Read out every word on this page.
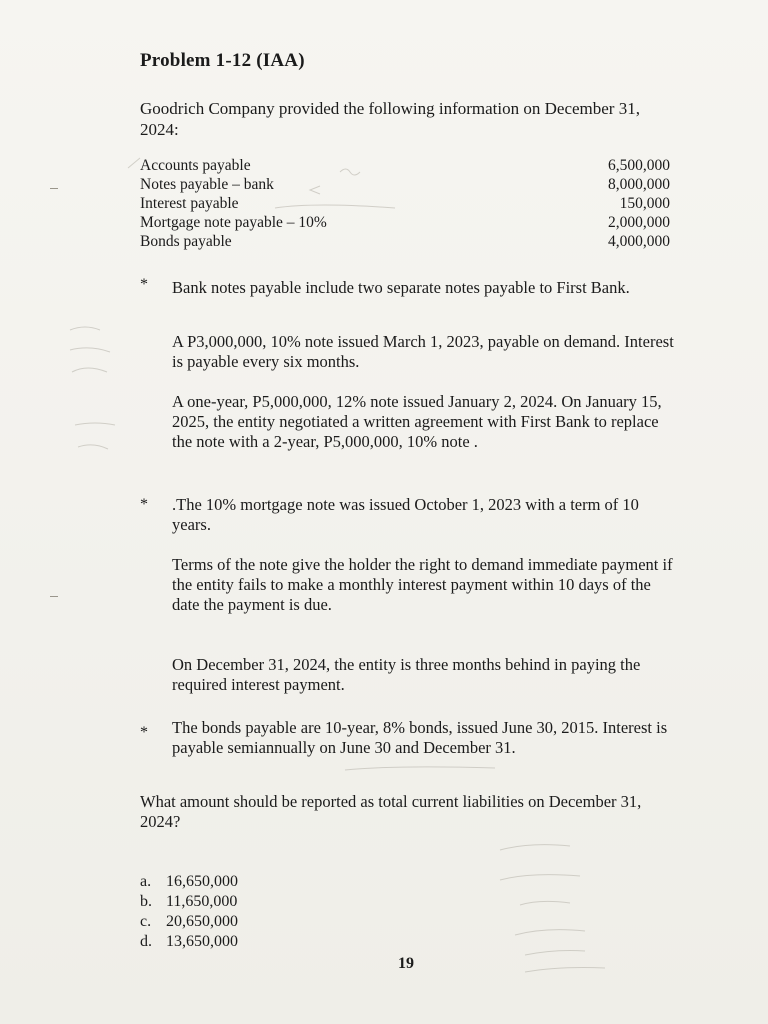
Problem 1-12 (IAA)
Goodrich Company provided the following information on December 31, 2024:
Accounts payable	6,500,000
Notes payable – bank	8,000,000
Interest payable	150,000
Mortgage note payable – 10%	2,000,000
Bonds payable	4,000,000
* Bank notes payable include two separate notes payable to First Bank.
A P3,000,000, 10% note issued March 1, 2023, payable on demand. Interest is payable every six months.
A one-year, P5,000,000, 12% note issued January 2, 2024. On January 15, 2025, the entity negotiated a written agreement with First Bank to replace the note with a 2-year, P5,000,000, 10% note .
* .The 10% mortgage note was issued October 1, 2023 with a term of 10 years.
Terms of the note give the holder the right to demand immediate payment if the entity fails to make a monthly interest payment within 10 days of the date the payment is due.
On December 31, 2024, the entity is three months behind in paying the required interest payment.
* The bonds payable are 10-year, 8% bonds, issued June 30, 2015. Interest is payable semiannually on June 30 and December 31.
What amount should be reported as total current liabilities on December 31, 2024?
a. 16,650,000
b. 11,650,000
c. 20,650,000
d. 13,650,000
19
